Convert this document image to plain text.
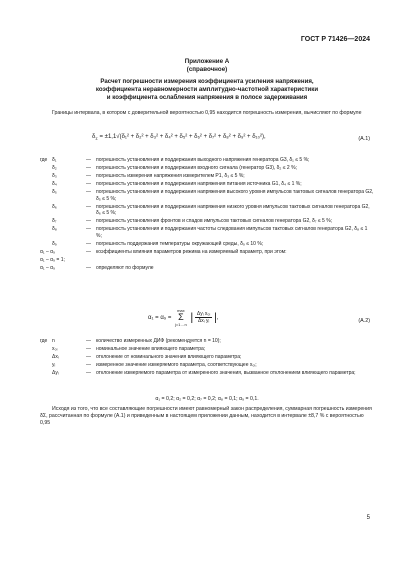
ГОСТ Р 71426—2024
Приложение А
(справочное)
Расчет погрешности измерения коэффициента усиления напряжения,
коэффициента неравномерности амплитудно-частотной характеристики
и коэффициента ослабления напряжения в полосе задерживания
Границы интервала, в котором с доверительной вероятностью 0,95 находится погрешность измерения, вычисляют по формуле
$\delta_\Sigma = \pm 1,1√(\delta_1^2 + \delta_2^2 + \delta_3^2 + \delta_4^2 + \delta_5^2 + \delta_6^2 + \delta_7^2 + \delta_8^2 + \delta_9^2 + \delta_{10}^2)$,	(А.1)
где δ₁	— погрешность установления и поддержания выходного напряжения генератора G3, δ₁ ≤ 5 %;
δ₂	— погрешность установления и поддержания входного сигнала (генератор G3), δ₂ ≤ 2 %;
δ₃	— погрешность измерения напряжения измерителем P1, δ₃ ≤ 5 %;
δ₄	— погрешность установления и поддержания напряжения питания источника G1, δ₄ ≤ 1 %;
δ₅	— погрешность установления и поддержания напряжения высокого уровня импульсов тактовых сигналов генератора G2, δ₅ ≤ 5 %;
δ₆	— погрешность установления и поддержания напряжения низкого уровня импульсов тактовых сигналов генератора G2, δ₆ ≤ 5 %;
δ₇	— погрешность установления фронтов и спадов импульсов тактовых сигналов генератора G2, δ₇ ≤ 5 %;
δ₈	— погрешность установления и поддержания частоты следования импульсов тактовых сигналов генератора G2, δ₈ ≤ 1 %;
δ₉	— погрешность поддержания температуры окружающей среды, δ₉ ≤ 10 %;
α₁ – α₉	— коэффициенты влияния параметров режима на измеряемый параметр, при этом:
α₁ – α₉ = 1;
α₁ – α₉	— определяют по формуле
α₁ = α₉ =
max
Σ
j=1…n
| $\frac{\text{Δyᵢ x₀ᵢ}}{\text{Δxᵢ yᵢ}}$ |,	(А.2)
где n	— количество измеренных ДИФ (рекомендуется n = 10);
x₀ᵢ	— номинальное значение влияющего параметра;
Δxᵢ	— отклонение от номинального значения влияющего параметра;
yᵢ	— измеренное значение измеряемого параметра, соответствующее x₀ᵢ;
Δyᵢ	— отклонение измеряемого параметра от измеренного значения, вызванное отклонением влияющего параметра;
α₁ = 0,2; α₂ = 0,2; α₇ = 0,2; α₈ = 0,1; α₉ = 0,1.
Исходя из того, что все составляющие погрешности имеют равномерный закон распределения, суммарная погрешность измерения δΣ, рассчитанная по формуле (А.1) и приведенным в настоящем приложении данным, находится в интервале ±8,7 % с вероятностью 0,95
5
